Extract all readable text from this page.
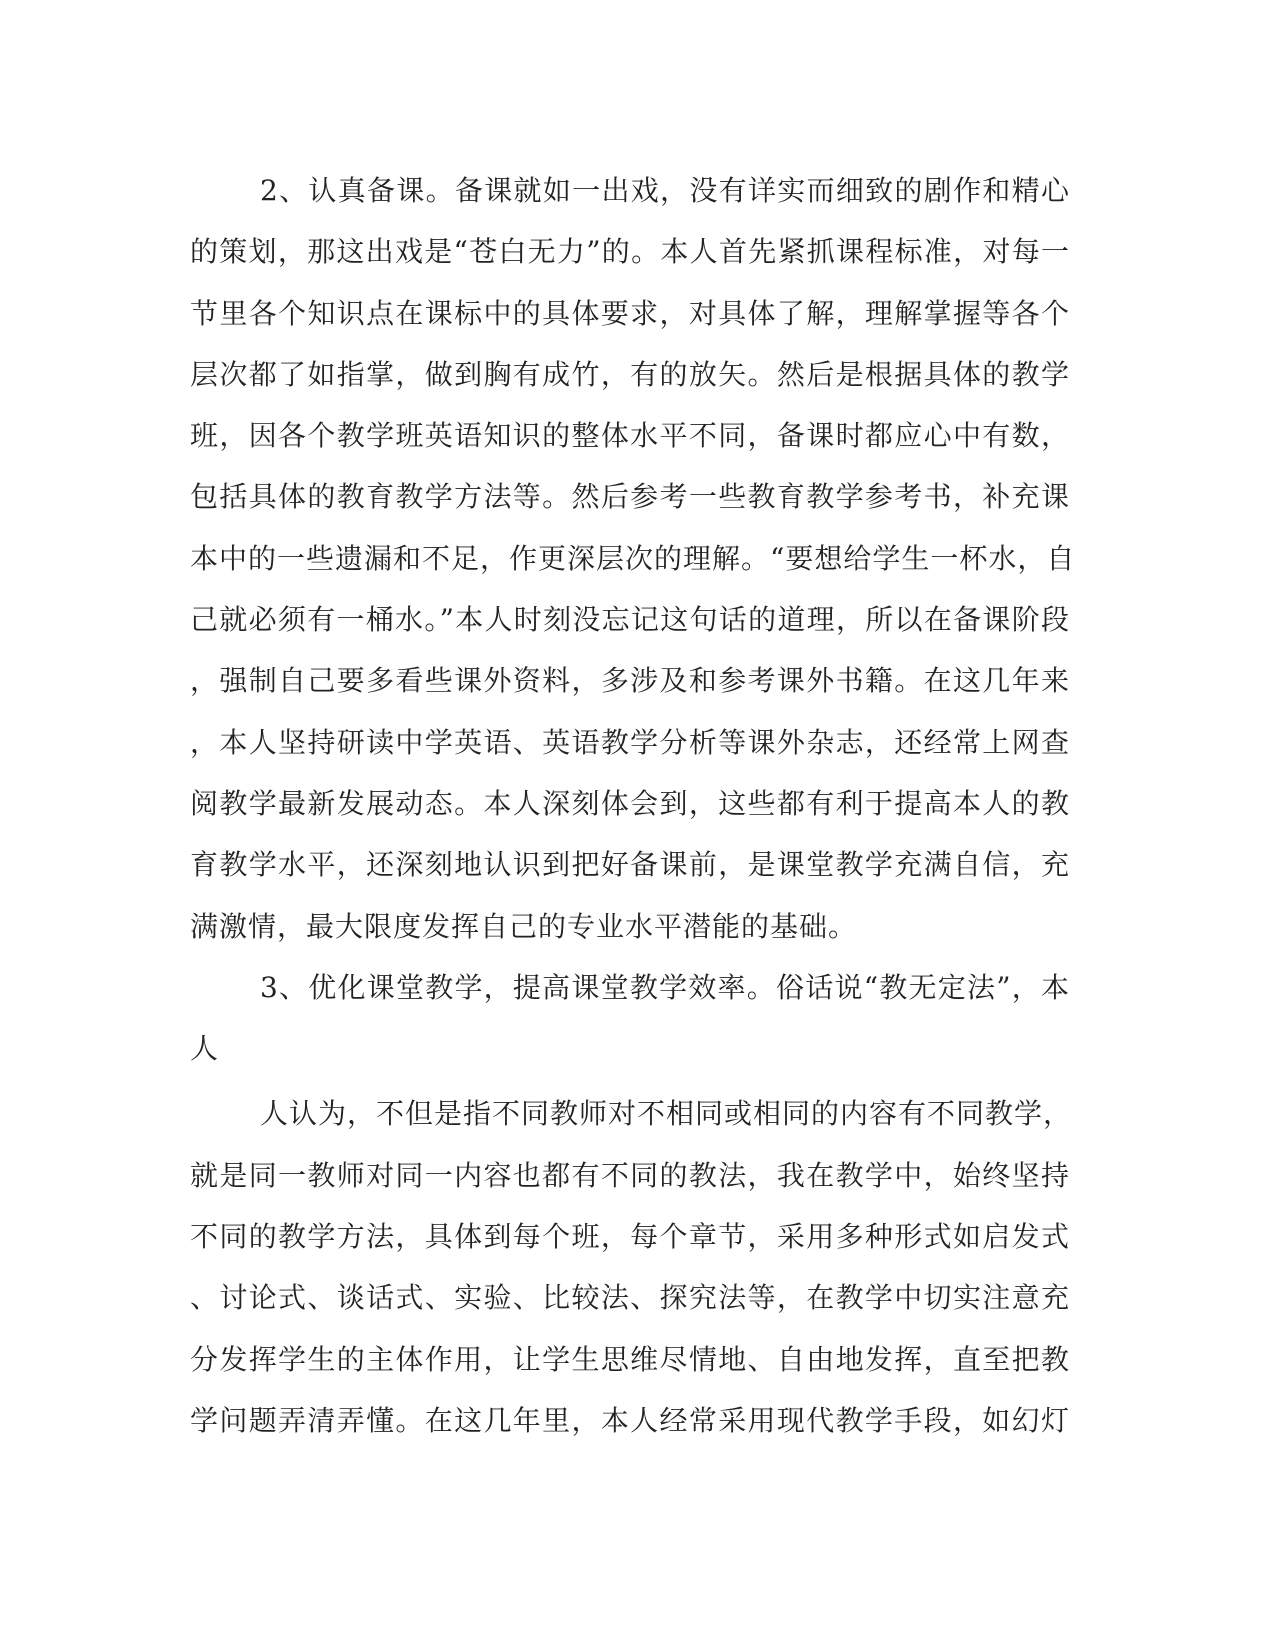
2、认真备课。备课就如一出戏，没有详实而细致的剧作和精心
的策划，那这出戏是“苍白无力”的。本人首先紧抓课程标准，对每一
节里各个知识点在课标中的具体要求，对具体了解，理解掌握等各个
层次都了如指掌，做到胸有成竹，有的放矢。然后是根据具体的教学
班，因各个教学班英语知识的整体水平不同，备课时都应心中有数，
包括具体的教育教学方法等。然后参考一些教育教学参考书，补充课
本中的一些遗漏和不足，作更深层次的理解。“要想给学生一杯水，自
己就必须有一桶水。”本人时刻没忘记这句话的道理，所以在备课阶段
，强制自己要多看些课外资料，多涉及和参考课外书籍。在这几年来
，本人坚持研读中学英语、英语教学分析等课外杂志，还经常上网查
阅教学最新发展动态。本人深刻体会到，这些都有利于提高本人的教
育教学水平，还深刻地认识到把好备课前，是课堂教学充满自信，充
满激情，最大限度发挥自己的专业水平潜能的基础。
3、优化课堂教学，提高课堂教学效率。俗话说“教无定法”，本
人
人认为，不但是指不同教师对不相同或相同的内容有不同教学，
就是同一教师对同一内容也都有不同的教法，我在教学中，始终坚持
不同的教学方法，具体到每个班，每个章节，采用多种形式如启发式
、讨论式、谈话式、实验、比较法、探究法等，在教学中切实注意充
分发挥学生的主体作用，让学生思维尽情地、自由地发挥，直至把教
学问题弄清弄懂。在这几年里，本人经常采用现代教学手段，如幻灯
